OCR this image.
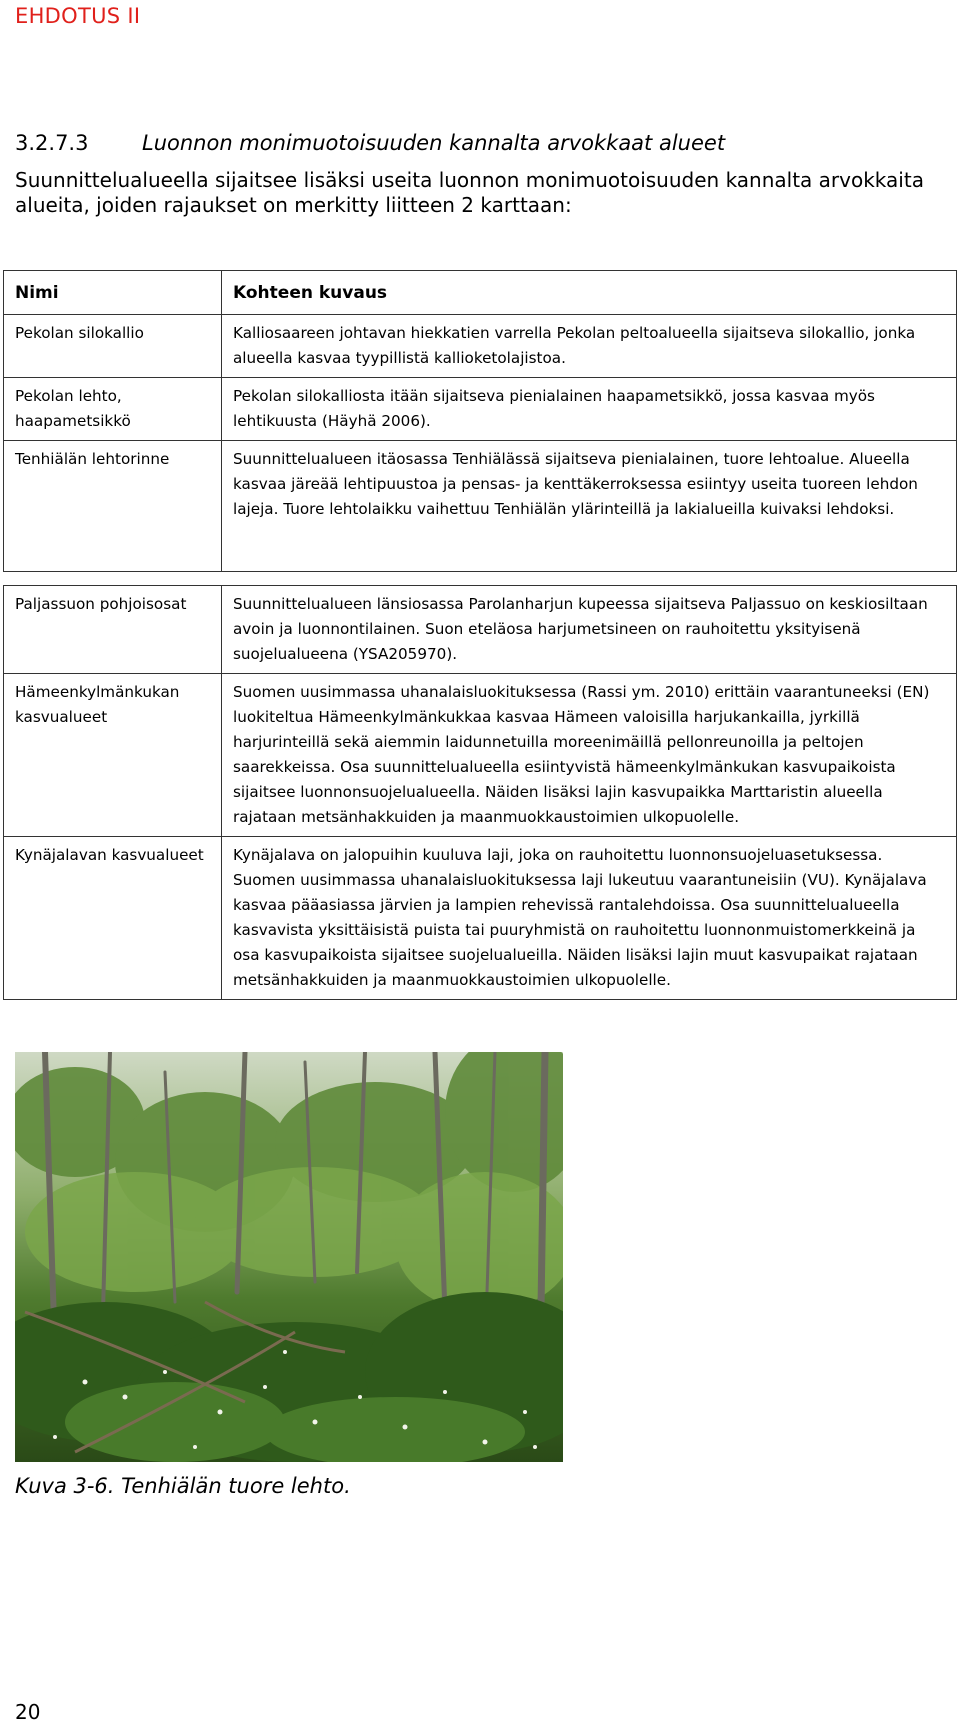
EHDOTUS II
3.2.7.3	Luonnon monimuotoisuuden kannalta arvokkaat alueet
Suunnittelualueella sijaitsee lisäksi useita luonnon monimuotoisuuden kannalta arvokkaita alueita, joiden rajaukset on merkitty liitteen 2 karttaan:
Nimi	Kohteen kuvaus
Pekolan silokallio	Kalliosaareen johtavan hiekkatien varrella Pekolan peltoalueella sijaitseva silokallio, jonka alueella kasvaa tyypillistä kallioketolajistoa.
Pekolan lehto, haapametsikkö	Pekolan silokalliosta itään sijaitseva pienialainen haapametsikkö, jossa kasvaa myös lehtikuusta (Häyhä 2006).
Tenhiälän lehtorinne	Suunnittelualueen itäosassa Tenhiälässä sijaitseva pienialainen, tuore lehtoalue. Alueella kasvaa järeää lehtipuustoa ja pensas- ja kenttäkerroksessa esiintyy useita tuoreen lehdon lajeja. Tuore lehtolaikku vaihettuu Tenhiälän ylärinteillä ja lakialueilla kuivaksi lehdoksi.
Paljassuon pohjoisosat	Suunnittelualueen länsiosassa Parolanharjun kupeessa sijaitseva Paljassuo on keskiosiltaan avoin ja luonnontilainen. Suon eteläosa harjumetsineen on rauhoitettu yksityisenä suojelualueena (YSA205970).
Hämeenkylmänkukan kasvualueet	Suomen uusimmassa uhanalaisluokituksessa (Rassi ym. 2010) erittäin vaarantuneeksi (EN) luokiteltua Hämeenkylmänkukkaa kasvaa Hämeen valoisilla harjukankailla, jyrkillä harjurinteillä sekä aiemmin laidunnetuilla moreenimäillä pellonreunoilla ja peltojen saarekkeissa. Osa suunnittelualueella esiintyvistä hämeenkylmänkukan kasvupaikoista sijaitsee luonnonsuojelualueella. Näiden lisäksi lajin kasvupaikka Marttaristin alueella rajataan metsänhakkuiden ja maanmuokkaustoimien ulkopuolelle.
Kynäjalavan kasvualueet	Kynäjalava on jalopuihin kuuluva laji, joka on rauhoitettu luonnonsuojeluasetuksessa. Suomen uusimmassa uhanalaisluokituksessa laji lukeutuu vaarantuneisiin (VU). Kynäjalava kasvaa pääasiassa järvien ja lampien rehevissä rantalehdoissa. Osa suunnittelualueella kasvavista yksittäisistä puista tai puuryhmistä on rauhoitettu luonnonmuistomerkkeinä ja osa kasvupaikoista sijaitsee suojelualueilla. Näiden lisäksi lajin muut kasvupaikat rajataan metsänhakkuiden ja maanmuokkaustoimien ulkopuolelle.
Kuva 3-6. Tenhiälän tuore lehto.
20
